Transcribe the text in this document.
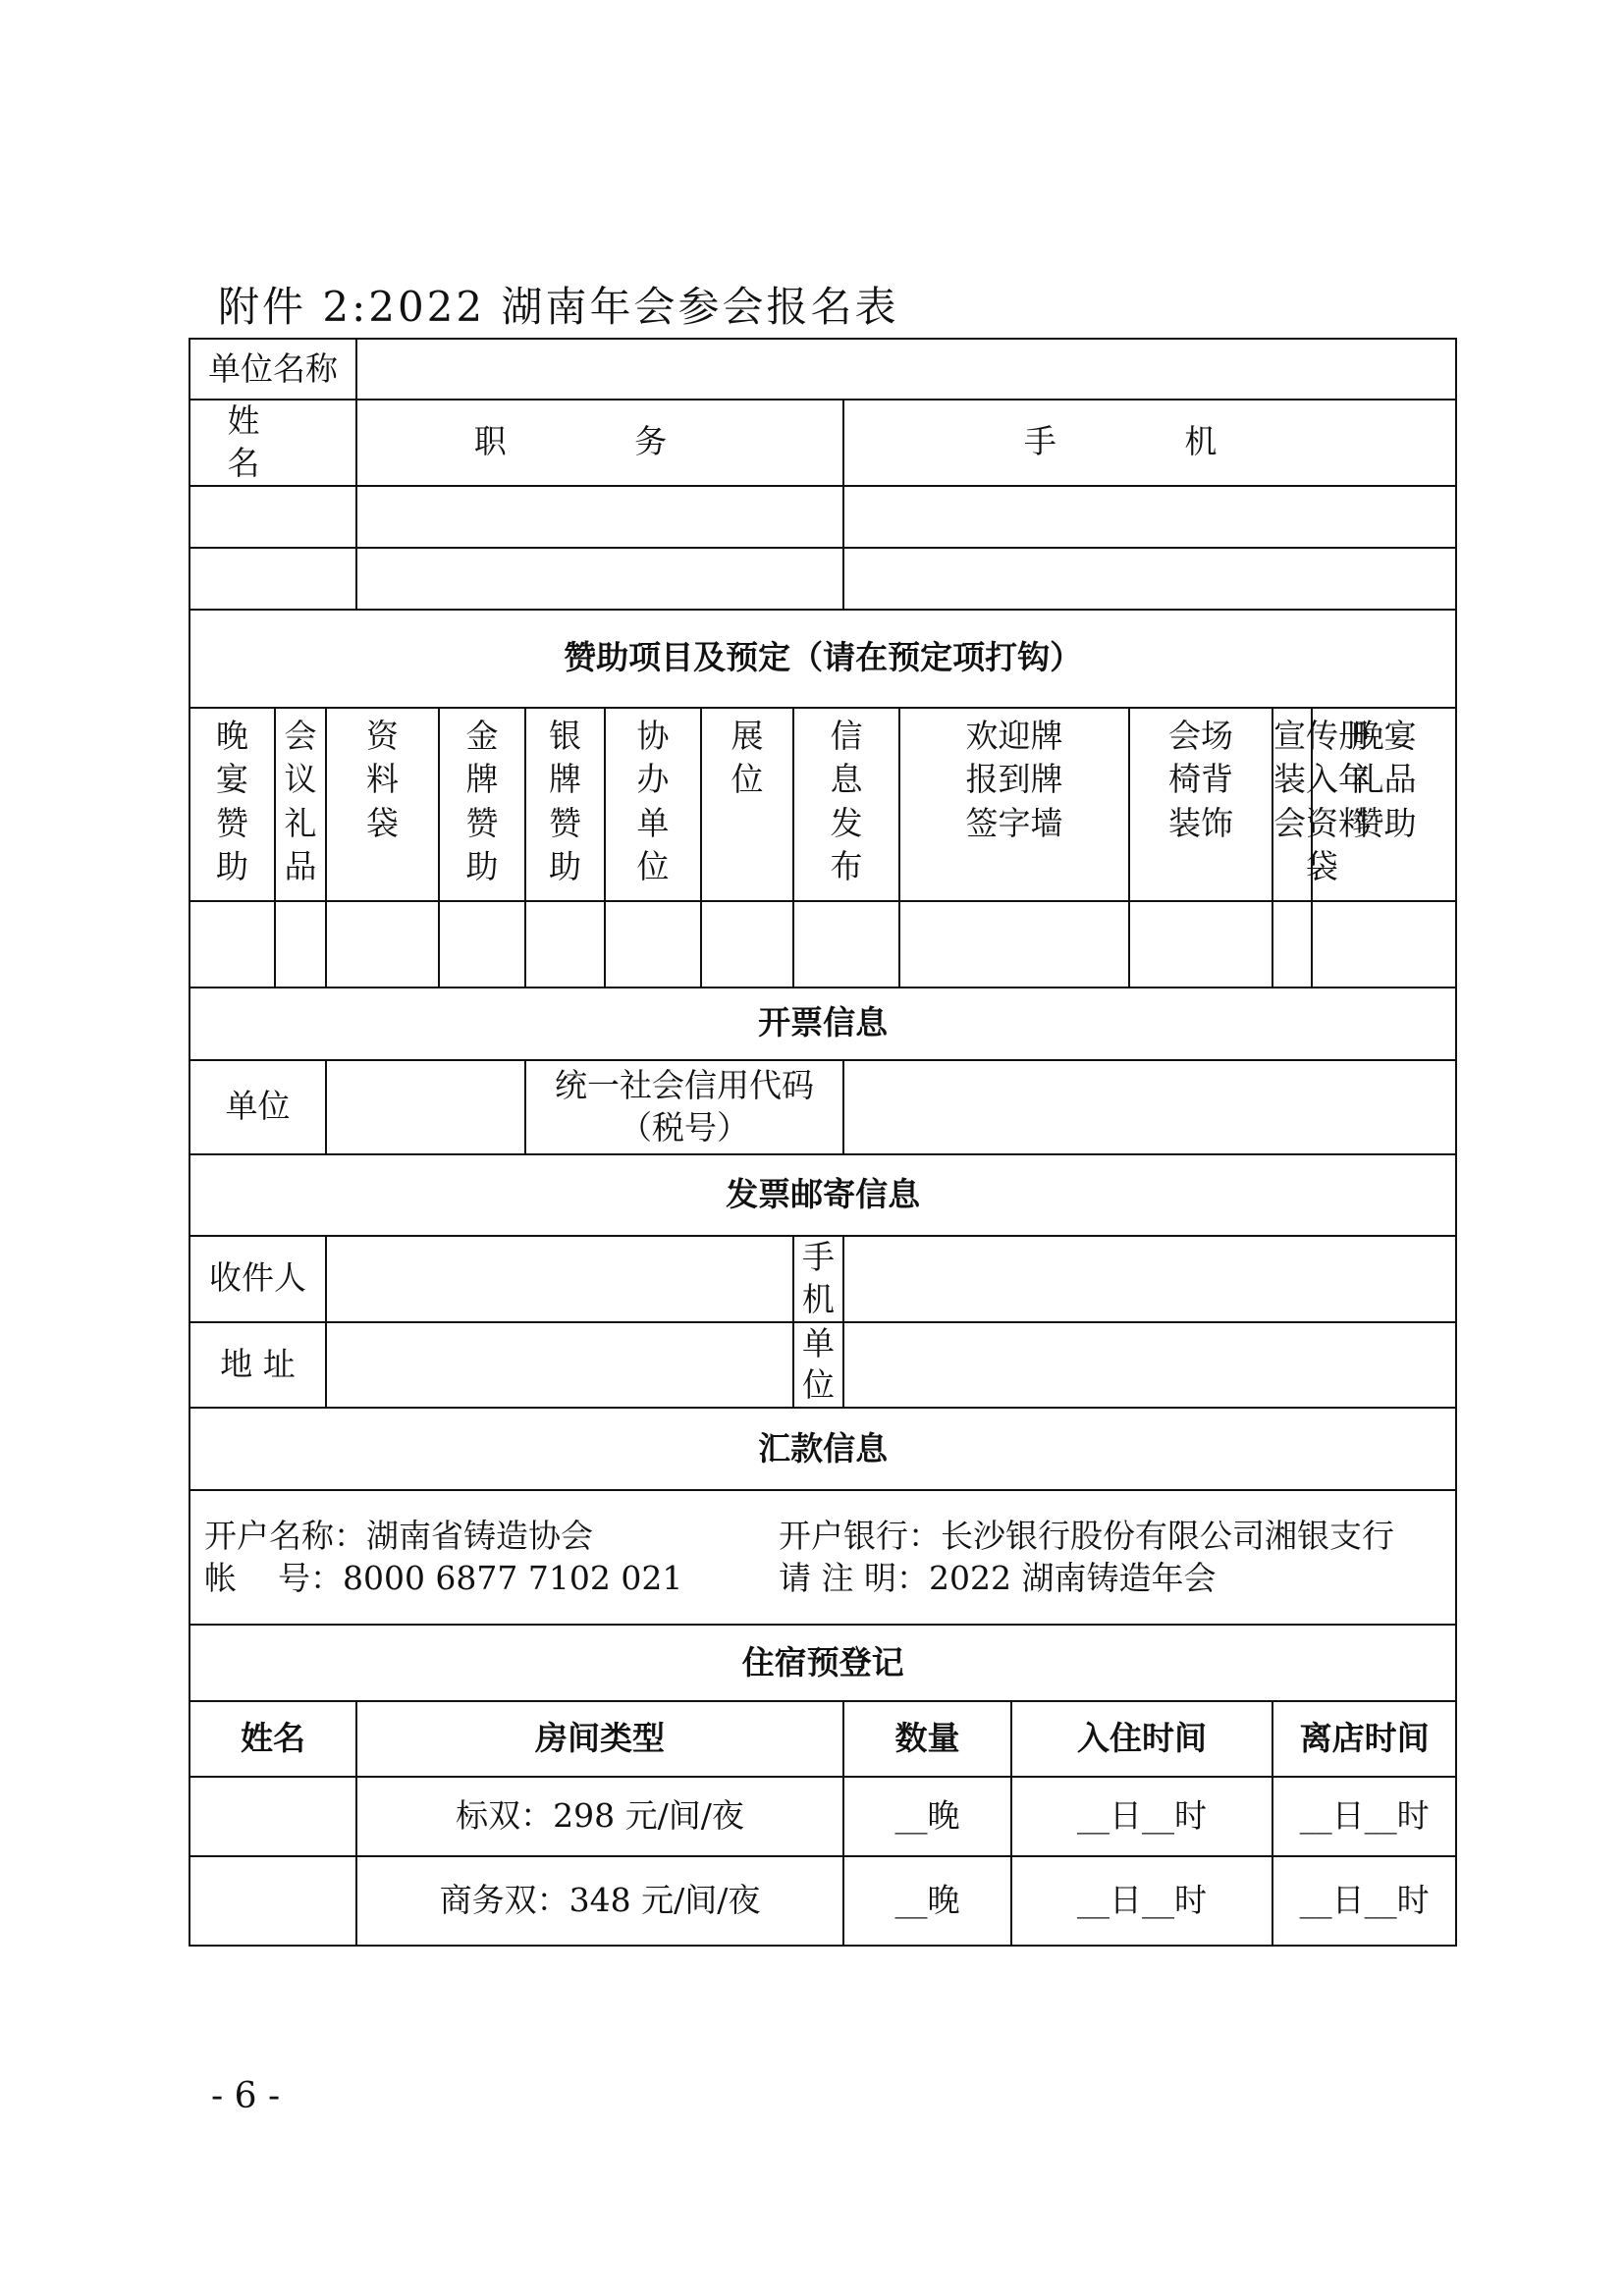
附件 2:2022 湖南年会参会报名表
单位名称														
姓 名			职 务						手 机					

赞助项目及预定（请在预定项打钩）														

晚宴赞助	会议礼品	资料袋		金牌赞助	银牌赞助	协办单位	展位	信息发布		欢迎牌报到牌签字墙		会场椅背装饰	宣传册装入年会资料袋	晚宴礼品赞助

开票信息														
单位					统一社会信用代码
（税号）									

发票邮寄信息														
收件人								手机						
地 址								单位						
汇款信息														

开户名称：湖南省铸造协会 开户银行：长沙银行股份有限公司湘银支行
帐    号：8000 6877 7102 021 请 注 明：2022 湖南铸造年会														

住宿预登记														
姓名			房间类型						数量		入住时间		离店时间	
			标双：298 元/间/夜						__晚		__日__时		__日__时	
			商务双：348 元/间/夜						__晚		__日__时		__日__时	
- 6 -
